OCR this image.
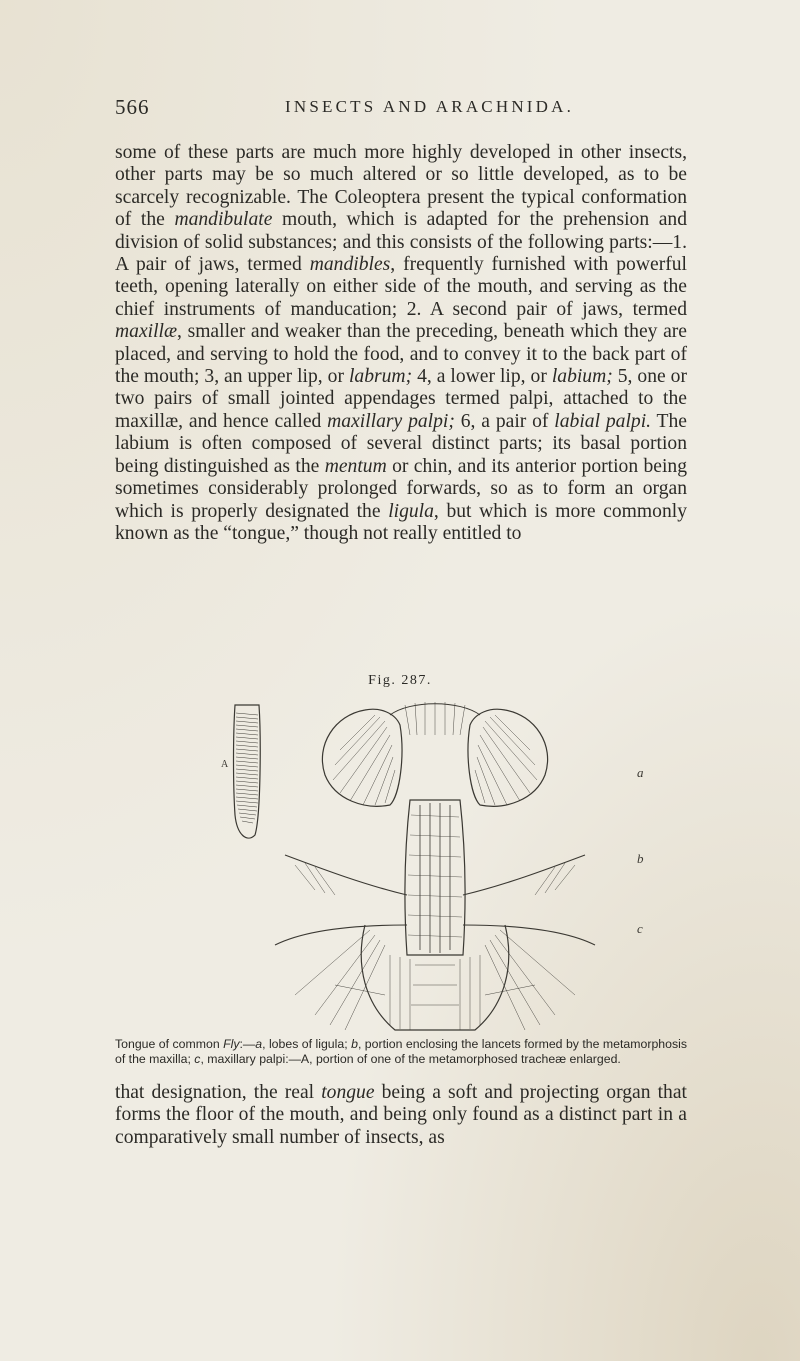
566	INSECTS AND ARACHNIDA.

some of these parts are much more highly developed in other insects, other parts may be so much altered or so little developed, as to be scarcely recognizable. The Coleoptera present the typical conformation of the mandibulate mouth, which is adapted for the prehension and division of solid substances; and this consists of the following parts:—1. A pair of jaws, termed mandibles, frequently furnished with powerful teeth, opening laterally on either side of the mouth, and serving as the chief instruments of manducation; 2. A second pair of jaws, termed maxillæ, smaller and weaker than the preceding, beneath which they are placed, and serving to hold the food, and to convey it to the back part of the mouth; 3, an upper lip, or labrum; 4, a lower lip, or labium; 5, one or two pairs of small jointed appendages termed palpi, attached to the maxillæ, and hence called maxillary palpi; 6, a pair of labial palpi. The labium is often composed of several distinct parts; its basal portion being distinguished as the mentum or chin, and its anterior portion being sometimes considerably prolonged forwards, so as to form an organ which is properly designated the ligula, but which is more commonly known as the “tongue,” though not really entitled to

Fig. 287.
a
b
c
A

Tongue of common Fly:—a, lobes of ligula; b, portion enclosing the lancets formed by the metamorphosis of the maxilla; c, maxillary palpi:—A, portion of one of the metamorphosed tracheæ enlarged.

that designation, the real tongue being a soft and projecting organ that forms the floor of the mouth, and being only found as a distinct part in a comparatively small number of insects, as
